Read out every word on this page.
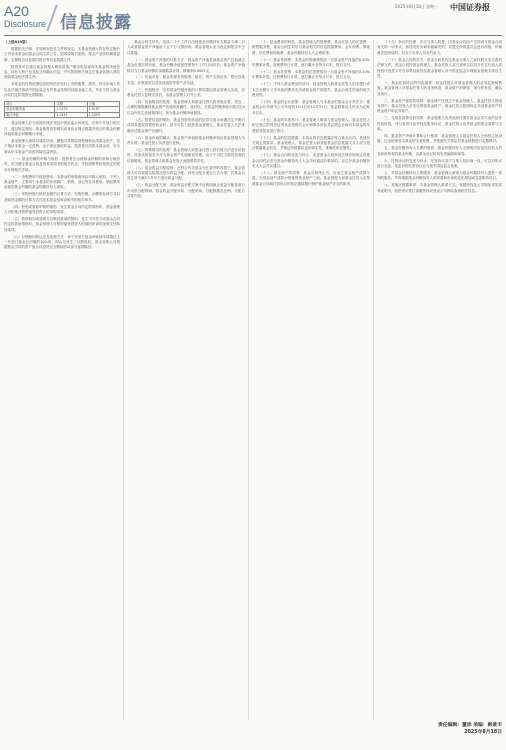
A20
Disclosure 信息披露
2025年8月18日 星期一 中国证券报

（上接A19版）

根据相关法律、法规和规范性文件的规定，本基金管理人将在规定媒介上刊登本基金的基金合同生效公告、招募说明书更新、基金产品资料概要更新、定期报告以及临时报告等信息披露文件。

投资者可以通过基金管理人网站或客户服务电话查询本基金的净值信息、持有人账户信息及交易确认信息，并可按照相关规定在基金管理人网站查阅基金的法律文件。

本基金的投资范围包括国内依法发行上市的股票、债券、货币市场工具以及法律法规或中国证监会允许基金投资的其他金融工具，并应当符合基金合同约定的投资比例限制。

项目	本期	上期
基金份额净值	1.0235	1.0187
累计净值	1.2451	1.2403

基金管理人应当按照法律法规及中国证监会的规定，在每个开放日的次日，通过规定网站、基金销售机构网站或者营业网点披露开放日的基金份额净值和基金份额累计净值。

基金管理人承诺以诚实信用、勤勉尽责的原则管理和运用基金资产，但不保证本基金一定盈利，也不保证最低收益。投资者在投资本基金前，应全面认识本基金产品的风险收益特征。

（一）基金份额的申购与赎回：投资者在办理基金份额的申购与赎回时，应当遵守基金合同及招募说明书的相关约定，并按照销售机构规定的程序办理相关手续。

（二）申购费用与赎回费用：本基金的申购费用由申购人承担，不列入基金财产，主要用于本基金的市场推广、销售、登记等各项费用。赎回费用由赎回基金份额的基金份额持有人承担。

（三）申购份额与赎回金额的计算方式：申购份额、余额的处理方式以及赎回金额的计算方式详见本基金招募说明书的相关章节。

（四）拒绝或暂停申购的情形：发生基金合同约定的情形时，基金管理人可拒绝或暂停接受投资人的申购申请。

（五）暂停赎回或延缓支付赎回款项的情形：发生不可抗力或基金合同约定的其他情形时，基金管理人可暂停接受投资人的赎回申请或延缓支付赎回款项。

（六）巨额赎回的认定及处理方式：单个开放日基金净赎回申请超过上一开放日基金总份额的10%时，即认为发生了巨额赎回，基金管理人可根据基金当时的资产组合状况决定全额赎回或部分延期赎回。

基金合同生效后，连续二十个工作日出现基金份额持有人数量不满二百人或者基金资产净值低于五千万元情形的，基金管理人应当在定期报告中予以披露。

（一）基金资产净值的计算方法：基金资产净值是指基金资产总值减去基金负债后的价值。基金份额净值是按照每个工作日闭市后，基金资产净值除以当日基金份额的余额数量计算，精确到0.0001元。

（二）估值对象：基金所拥有的股票、债券、资产支持证券、银行存款本息、应收款项以及其他投资等资产及负债。

（三）估值程序：各类基金份额净值的计算结果由基金管理人完成，经基金托管人复核无误后，由基金管理人对外公布。

（四）估值错误的处理：基金管理人和基金托管人将采取必要、适当、合理的措施确保基金资产估值的准确性、及时性。当基金份额净值小数点后4位以内发生估值错误时，视为基金份额净值错误。

（五）暂停估值的情形：基金投资所涉及的证券交易市场遇法定节假日或因其他原因暂停营业时；因不可抗力致使基金管理人、基金托管人无法准确评估基金资产价值时。

（六）基金净值的确认：基金资产净值和基金份额净值由基金管理人负责计算，基金托管人负责进行复核。

（七）特殊情况的处理：基金管理人或基金托管人按估值方法进行估值时，所造成的误差不作为基金资产估值错误处理。由于不可抗力原因造成的估值错误，基金管理人和基金托管人免除赔偿责任。

（八）基金收益分配原则：在符合有关基金分红条件的前提下，基金管理人可以根据实际情况进行收益分配，具体分配方案以公告为准，若基金合同生效不满3个月可不进行收益分配。

（九）收益分配方案：基金收益分配方案中应载明截止收益分配基准日的可供分配利润、基金收益分配对象、分配时间、分配数额及比例、分配方式等内容。

（十）基金费用的种类：基金管理人的管理费、基金托管人的托管费、销售服务费、基金合同生效后与基金相关的信息披露费用、会计师费、律师费、诉讼费和仲裁费、基金份额持有人大会费用等。

（十一）基金管理费：本基金的管理费按前一日基金资产净值的0.50%年费率计提，管理费每日计算，逐日累计至每月月末，按月支付。

（十二）基金托管费：本基金的托管费按前一日基金资产净值的0.10%年费率计提，托管费每日计算，逐日累计至每月月末，按月支付。

（十三）不列入基金费用的项目：基金管理人和基金托管人因未履行或未完全履行义务导致的费用支出或基金财产的损失，基金合同生效前的相关费用等。

（十四）基金的会计政策：基金管理人为本基金的基金会计责任方；基金的会计年度为公历年度的1月1日至12月31日；基金核算以人民币为记账本位币。

（十五）基金的年度审计：基金管理人聘请与基金管理人、基金托管人相互独立的具有证券从业资格的会计师事务所及其注册会计师对本基金的年度财务报表进行审计。

（十六）基金的信息披露：本基金的信息披露应符合基金合同、其他有关规定的要求。基金管理人、基金托管人和其他基金信息披露义务人应当依法披露基金信息，并保证所披露信息的真实性、准确性和完整性。

（十七）基金合同的变更与终止：变更基金合同涉及法律法规规定或基金合同约定应经基金份额持有人大会决议通过的事项的，应召开基金份额持有人大会决议通过。

（十八）基金财产的清算：基金合同终止后，应成立基金财产清算小组，在基金财产清算小组接管基金财产之前，基金管理人和基金托管人应按照基金合同和托管协议的规定继续履行保护基金财产安全的职责。

（十九）争议的处理：各方当事人同意，因基金合同而产生的或与基金合同有关的一切争议，如经友好协商未能解决的，应提交仲裁委员会进行仲裁，仲裁裁决是终局的，对各方当事人均有约束力。

（二十）基金合同的效力：基金合同是约定基金当事人之间权利义务关系的法律文件，基金合同经基金管理人、基金托管人双方盖章以及双方法定代表人或授权代表签字并在募集结束后经基金管理人向中国证监会办理基金备案手续后生效。

一、基金托管协议的内容摘要：基金托管人对基金管理人的业务监督和核查，基金管理人对基金托管人的业务核查，基金财产的保管，指令的发送、确认及执行。

二、基金财产保管的原则：基金财产应独立于基金管理人、基金托管人的固有财产；基金托管人应安全保管基金财产；基金托管人按照规定开设基金财产的资金账户和证券账户。

三、交易及清算交收安排：基金管理人负责选择代理本基金证券买卖的证券经营机构，并与其签订证券经纪服务协议，基金托管人负责基金的资金清算与交收。

四、基金资产净值计算和会计核算：基金管理人与基金托管人分别独立地设置、记录和保管本基金的全套账册，并按照有关规定对基金账册进行定期核对。

五、基金份额持有人名册的保管：基金份额持有人名册的内容包括持有人的名称和持有的基金份额，由基金登记机构负责编制和保管。

六、托管协议的变更与终止：托管协议双方当事人经协商一致，可以对协议进行变更，变更后的托管协议应当报中国证监会备案。

七、对基金份额持有人的服务：基金管理人承诺为基金份额持有人提供一系列的服务，并将根据基金份额持有人的需要和市场的变化增加或变更服务项目。

八、其他应披露事项：本基金管理人联系方式、客服热线及公司网址详见招募说明书，投资者可拨打客服热线或登录公司网站查询相关信息。

责任编辑：董添 美编：韩景丰
2025年8月18日
